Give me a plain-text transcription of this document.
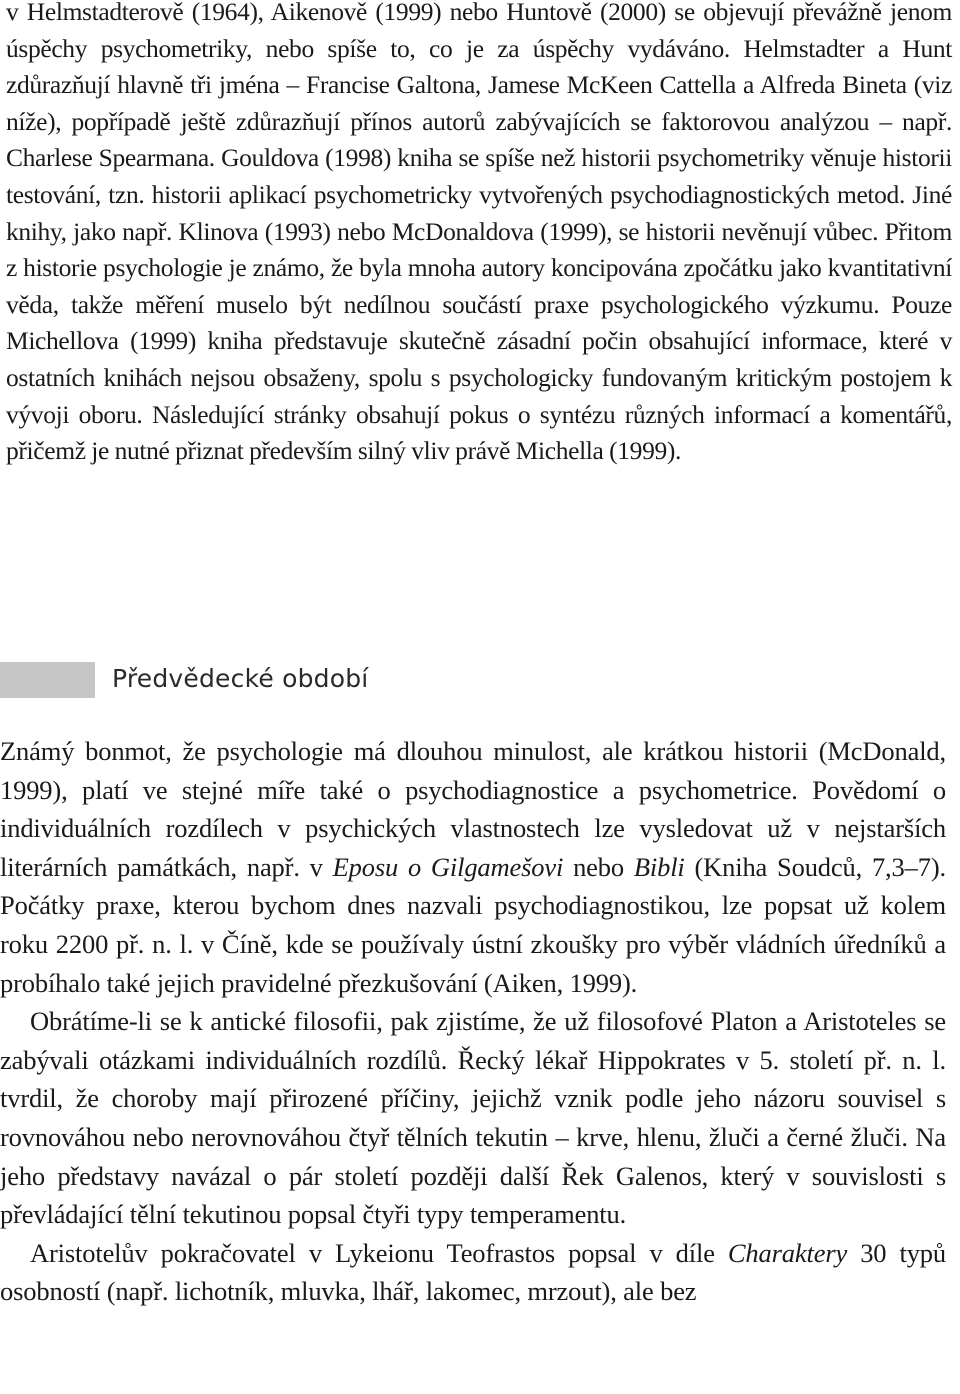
v Helmstadterově (1964), Aikenově (1999) nebo Huntově (2000) se objevují převážně jenom úspěchy psychometriky, nebo spíše to, co je za úspěchy vydáváno. Helmstadter a Hunt zdůrazňují hlavně tři jména – Francise Galtona, Jamese McKeen Cattella a Alfreda Bineta (viz níže), popřípadě ještě zdůrazňují přínos autorů zabývajících se faktorovou analýzou – např. Charlese Spearmana. Gouldova (1998) kniha se spíše než historii psychometriky věnuje historii testování, tzn. historii aplikací psychometricky vytvořených psychodiagnostických metod. Jiné knihy, jako např. Klinova (1993) nebo McDonaldova (1999), se historii nevěnují vůbec. Přitom z historie psychologie je známo, že byla mnoha autory koncipována zpočátku jako kvantitativní věda, takže měření muselo být nedílnou součástí praxe psychologického výzkumu. Pouze Michellova (1999) kniha představuje skutečně zásadní počin obsahující informace, které v ostatních knihách nejsou obsaženy, spolu s psychologicky fundovaným kritickým postojem k vývoji oboru. Následující stránky obsahují pokus o syntézu různých informací a komentářů, přičemž je nutné přiznat především silný vliv právě Michella (1999).

Předvědecké období

Známý bonmot, že psychologie má dlouhou minulost, ale krátkou historii (McDonald, 1999), platí ve stejné míře také o psychodiagnostice a psychometrice. Povědomí o individuálních rozdílech v psychických vlastnostech lze vysledovat už v nejstarších literárních památkách, např. v Eposu o Gilgamešovi nebo Bibli (Kniha Soudců, 7,3–7). Počátky praxe, kterou bychom dnes nazvali psychodiagnostikou, lze popsat už kolem roku 2200 př. n. l. v Číně, kde se používaly ústní zkoušky pro výběr vládních úředníků a probíhalo také jejich pravidelné přezkušování (Aiken, 1999).

Obrátíme-li se k antické filosofii, pak zjistíme, že už filosofové Platon a Aristoteles se zabývali otázkami individuálních rozdílů. Řecký lékař Hippokrates v 5. století př. n. l. tvrdil, že choroby mají přirozené příčiny, jejichž vznik podle jeho názoru souvisel s rovnováhou nebo nerovnováhou čtyř tělních tekutin – krve, hlenu, žluči a černé žluči. Na jeho představy navázal o pár století později další Řek Galenos, který v souvislosti s převládající tělní tekutinou popsal čtyři typy temperamentu.

Aristotelův pokračovatel v Lykeionu Teofrastos popsal v díle Charaktery 30 typů osobností (např. lichotník, mluvka, lhář, lakomec, mrzout), ale bez
